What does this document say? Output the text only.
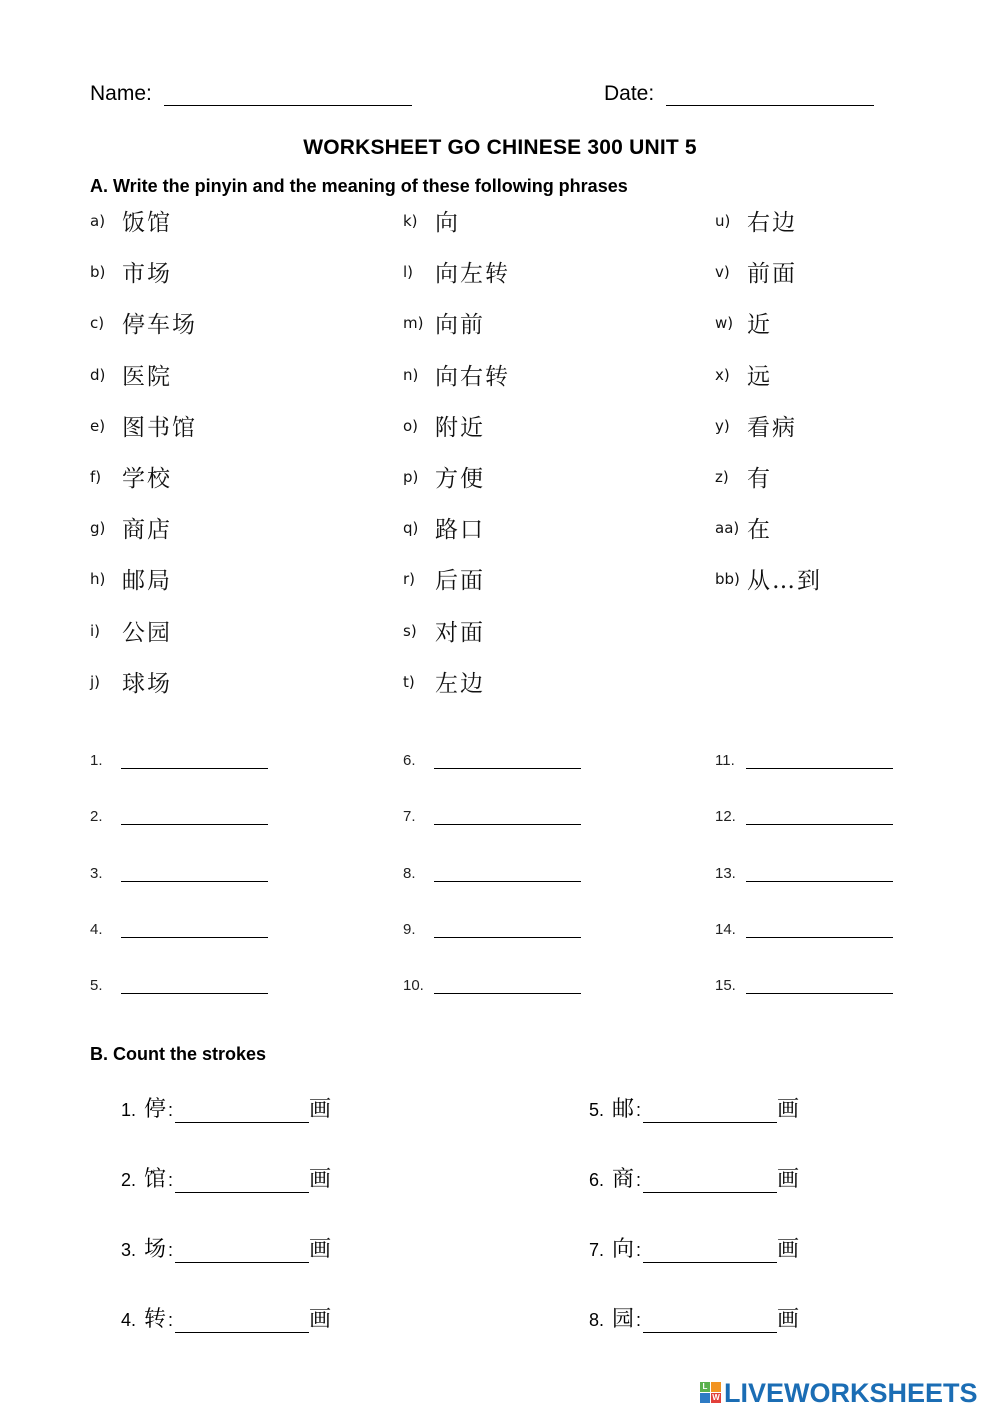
Name:	Date:
WORKSHEET GO CHINESE 300 UNIT 5
A. Write the pinyin and the meaning of these following phrases
a) 饭馆
b) 市场
c) 停车场
d) 医院
e) 图书馆
f) 学校
g) 商店
h) 邮局
i) 公园
j) 球场
k) 向
l) 向左转
m) 向前
n) 向右转
o) 附近
p) 方便
q) 路口
r) 后面
s) 对面
t) 左边
u) 右边
v) 前面
w) 近
x) 远
y) 看病
z) 有
aa) 在
bb) 从…到
1.
2.
3.
4.
5.
6.
7.
8.
9.
10.
11.
12.
13.
14.
15.
B. Count the strokes
1. 停 :	画
2. 馆 :	画
3. 场 :	画
4. 转 :	画
5. 邮 :	画
6. 商 :	画
7. 向 :	画
8. 园 :	画
L
W LIVEWORKSHEETS
